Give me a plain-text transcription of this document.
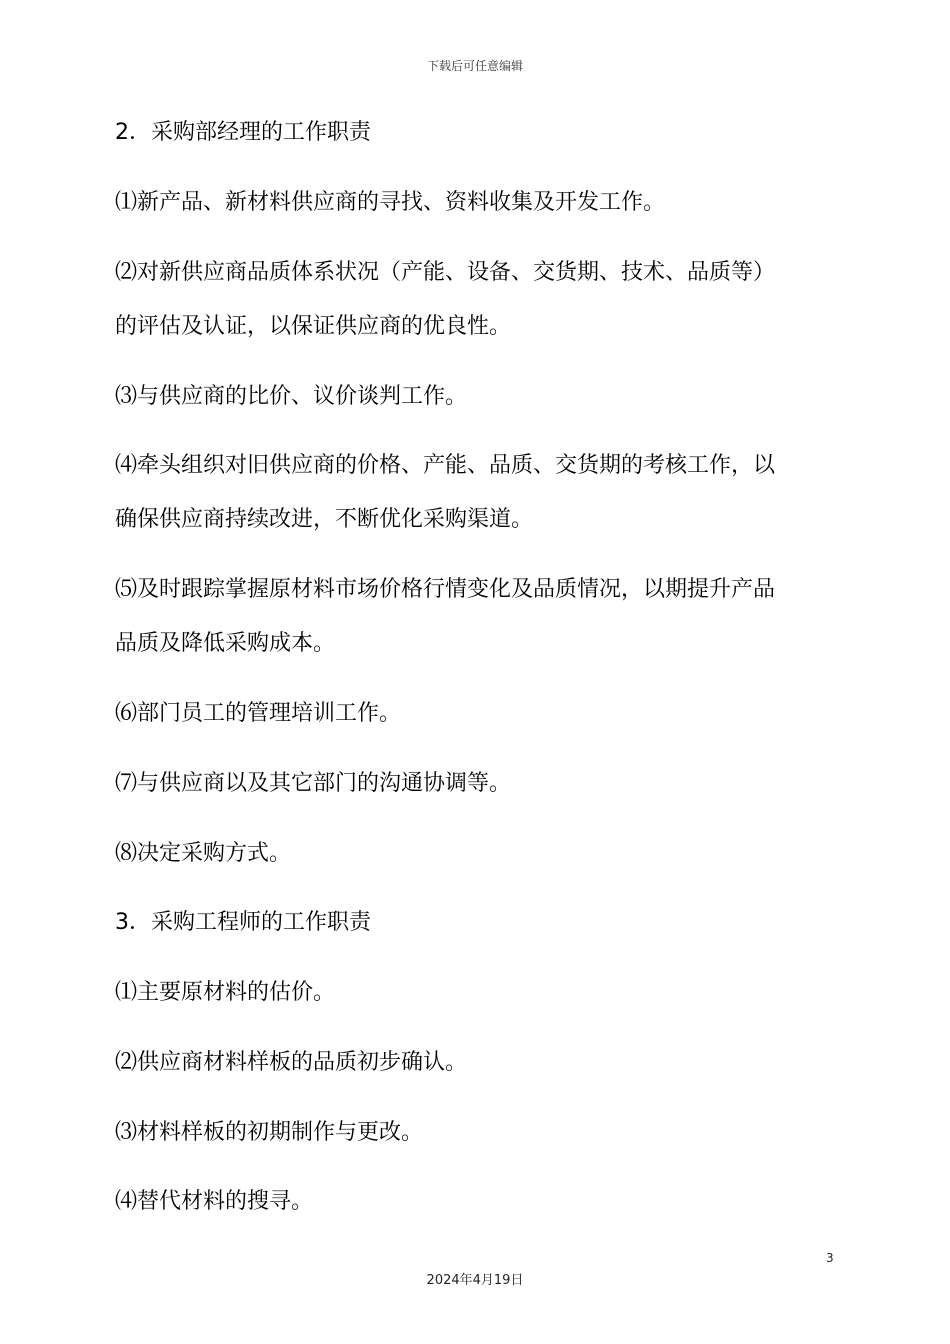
下载后可任意编辑
2．采购部经理的工作职责
⑴新产品、新材料供应商的寻找、资料收集及开发工作。
⑵对新供应商品质体系状况（产能、设备、交货期、技术、品质等）
的评估及认证，以保证供应商的优良性。
⑶与供应商的比价、议价谈判工作。
⑷牵头组织对旧供应商的价格、产能、品质、交货期的考核工作，以
确保供应商持续改进，不断优化采购渠道。
⑸及时跟踪掌握原材料市场价格行情变化及品质情况，以期提升产品
品质及降低采购成本。
⑹部门员工的管理培训工作。
⑺与供应商以及其它部门的沟通协调等。
⑻决定采购方式。
3．采购工程师的工作职责
⑴主要原材料的估价。
⑵供应商材料样板的品质初步确认。
⑶材料样板的初期制作与更改。
⑷替代材料的搜寻。
3
2024年4月19日
